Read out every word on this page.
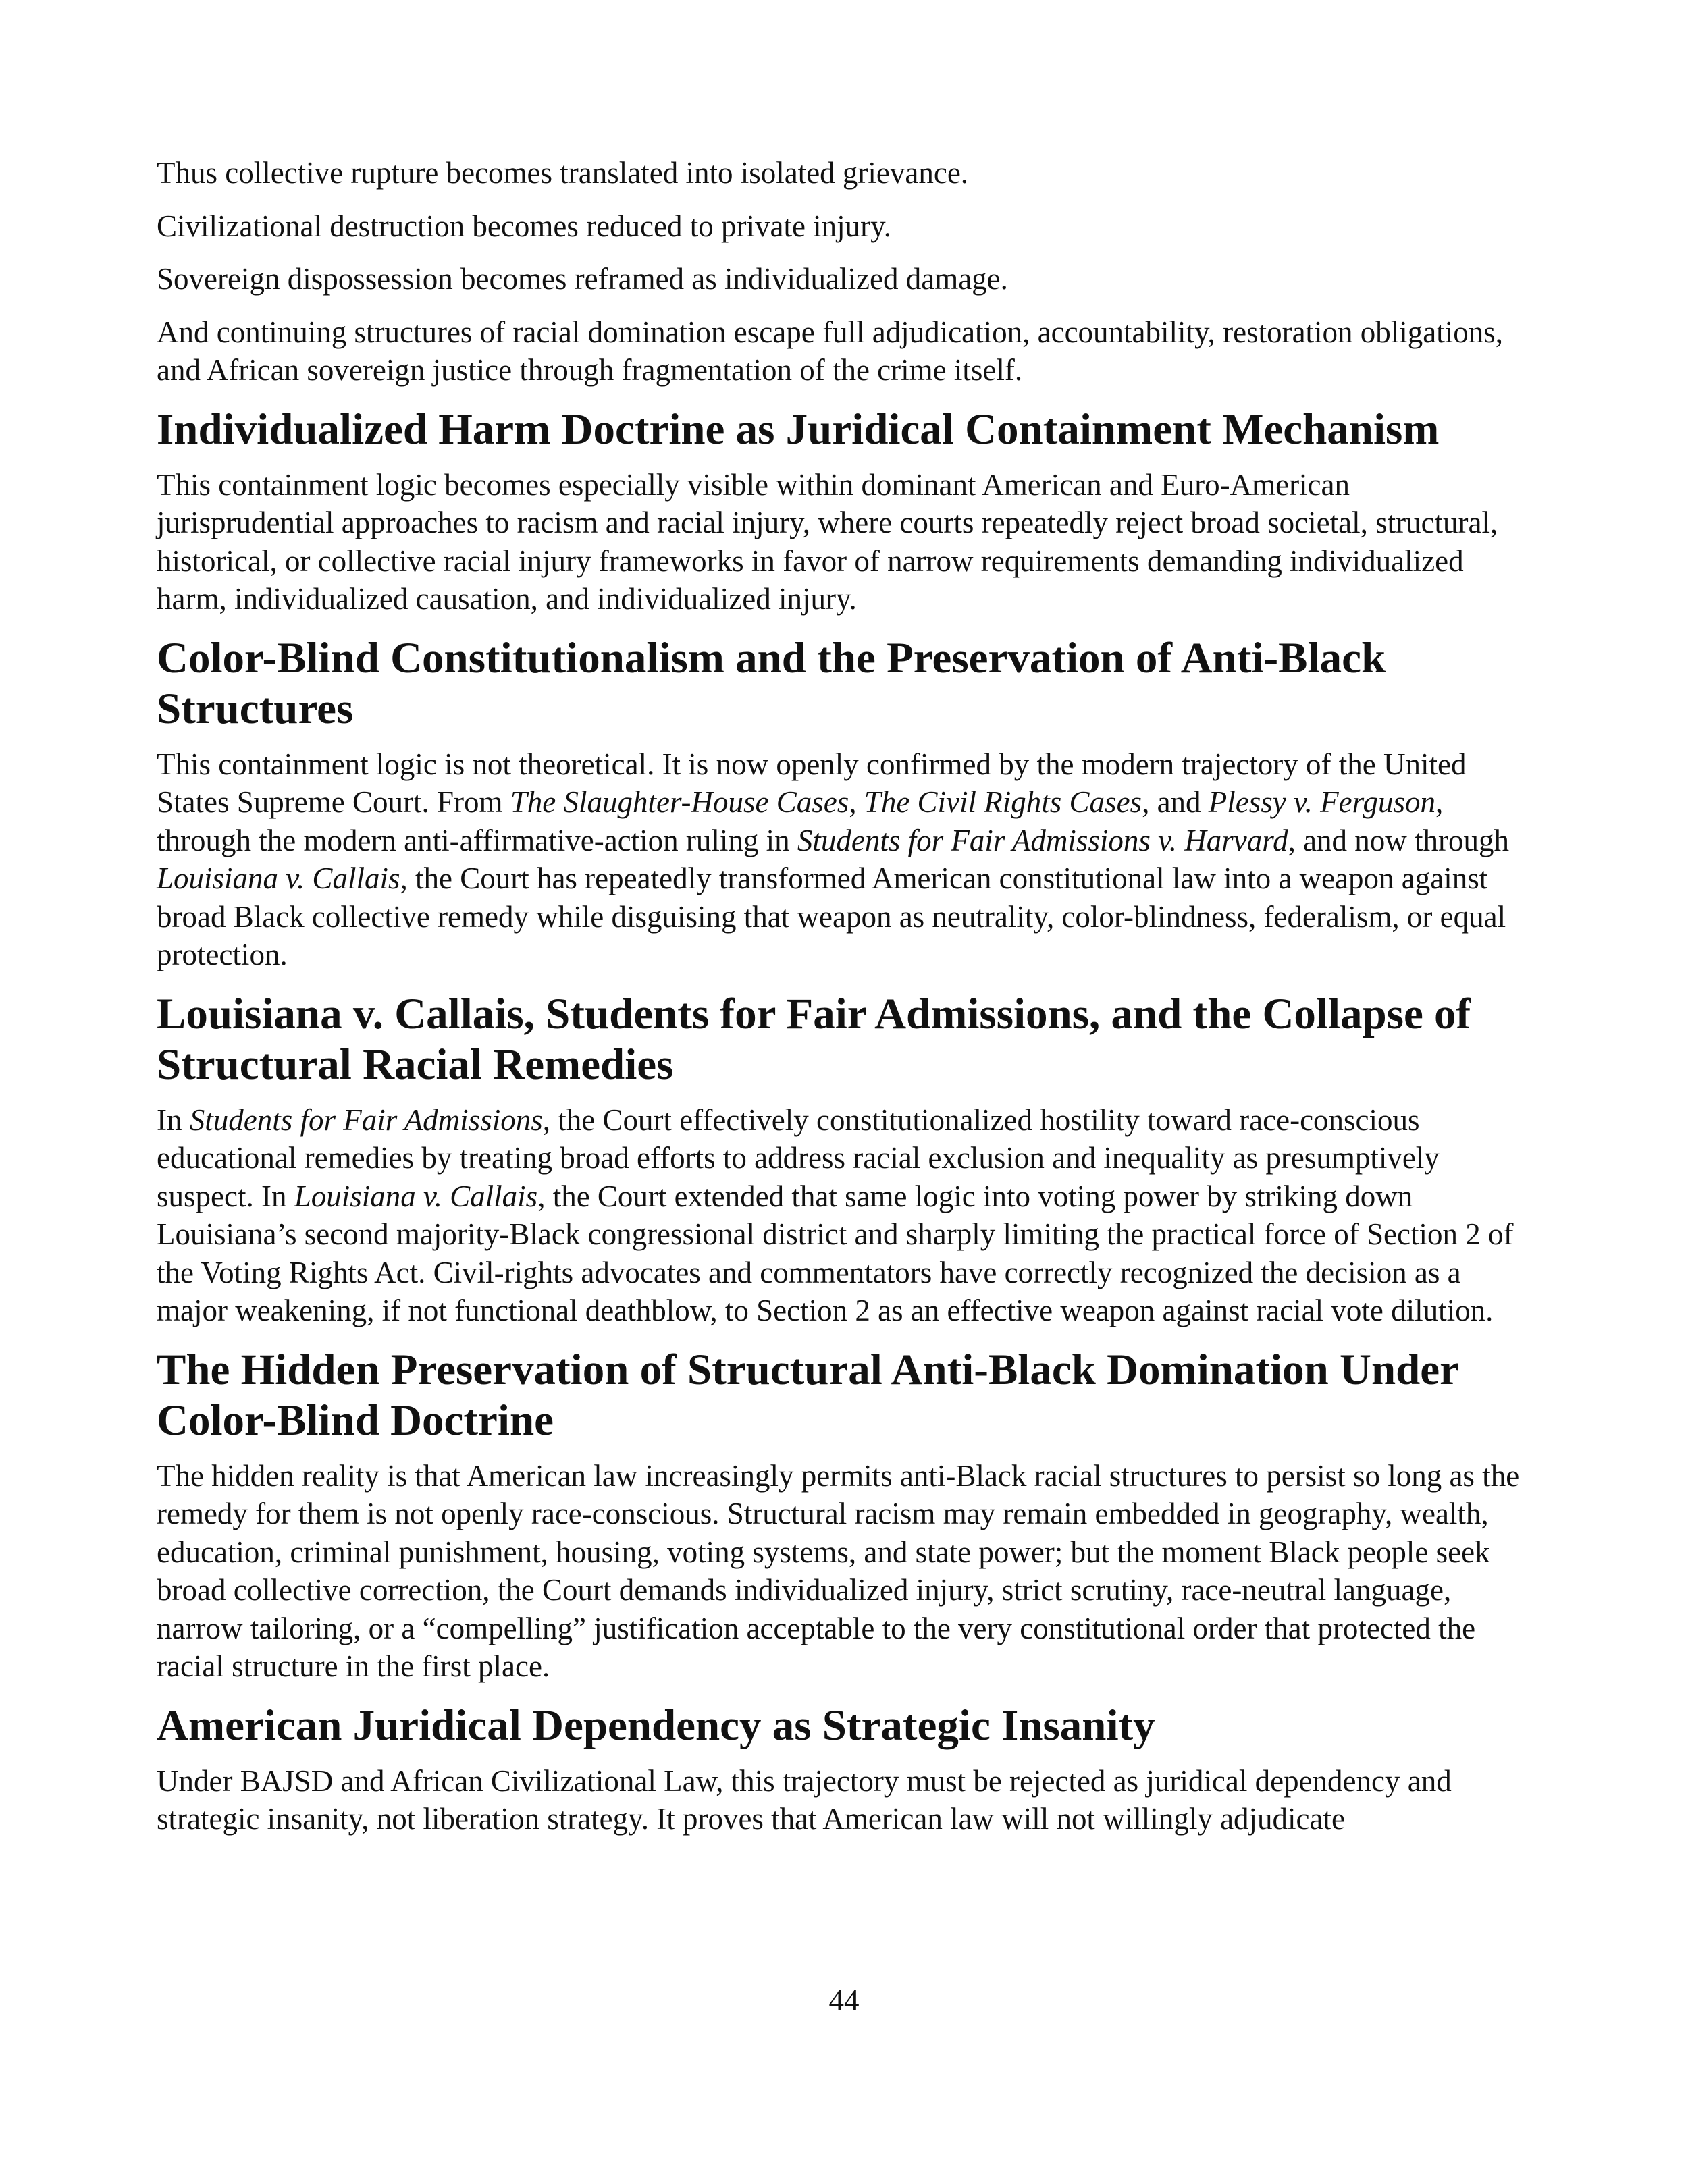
Thus collective rupture becomes translated into isolated grievance.

Civilizational destruction becomes reduced to private injury.

Sovereign dispossession becomes reframed as individualized damage.

And continuing structures of racial domination escape full adjudication, accountability, restoration obligations, and African sovereign justice through fragmentation of the crime itself.

Individualized Harm Doctrine as Juridical Containment Mechanism

This containment logic becomes especially visible within dominant American and Euro-American jurisprudential approaches to racism and racial injury, where courts repeatedly reject broad societal, structural, historical, or collective racial injury frameworks in favor of narrow requirements demanding individualized harm, individualized causation, and individualized injury.

Color-Blind Constitutionalism and the Preservation of Anti-Black Structures

This containment logic is not theoretical. It is now openly confirmed by the modern trajectory of the United States Supreme Court. From The Slaughter-House Cases, The Civil Rights Cases, and Plessy v. Ferguson, through the modern anti-affirmative-action ruling in Students for Fair Admissions v. Harvard, and now through Louisiana v. Callais, the Court has repeatedly transformed American constitutional law into a weapon against broad Black collective remedy while disguising that weapon as neutrality, color-blindness, federalism, or equal protection.

Louisiana v. Callais, Students for Fair Admissions, and the Collapse of Structural Racial Remedies

In Students for Fair Admissions, the Court effectively constitutionalized hostility toward race-conscious educational remedies by treating broad efforts to address racial exclusion and inequality as presumptively suspect. In Louisiana v. Callais, the Court extended that same logic into voting power by striking down Louisiana’s second majority-Black congressional district and sharply limiting the practical force of Section 2 of the Voting Rights Act. Civil-rights advocates and commentators have correctly recognized the decision as a major weakening, if not functional deathblow, to Section 2 as an effective weapon against racial vote dilution.

The Hidden Preservation of Structural Anti-Black Domination Under Color-Blind Doctrine

The hidden reality is that American law increasingly permits anti-Black racial structures to persist so long as the remedy for them is not openly race-conscious. Structural racism may remain embedded in geography, wealth, education, criminal punishment, housing, voting systems, and state power; but the moment Black people seek broad collective correction, the Court demands individualized injury, strict scrutiny, race-neutral language, narrow tailoring, or a “compelling” justification acceptable to the very constitutional order that protected the racial structure in the first place.

American Juridical Dependency as Strategic Insanity

Under BAJSD and African Civilizational Law, this trajectory must be rejected as juridical dependency and strategic insanity, not liberation strategy. It proves that American law will not willingly adjudicate

44
